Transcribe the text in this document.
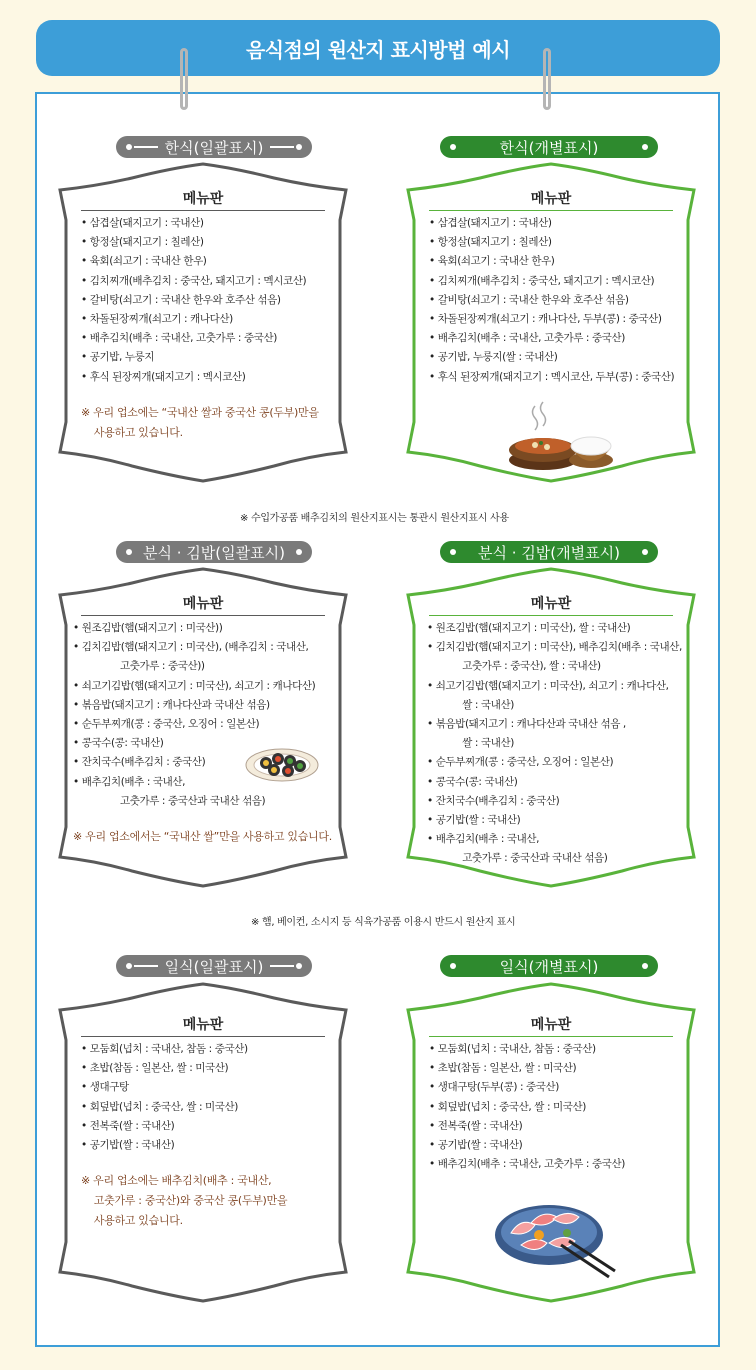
음식점의 원산지 표시방법 예시
한식(일괄표시)	한식(개별표시)
메뉴판
• 삼겹살(돼지고기 : 국내산)
• 항정살(돼지고기 : 칠레산)
• 육회(쇠고기 : 국내산 한우)
• 김치찌개(배추김치 : 중국산, 돼지고기 : 멕시코산)
• 갈비탕(쇠고기 : 국내산 한우와 호주산 섞음)
• 차돌된장찌개(쇠고기 : 캐나다산)
• 배추김치(배추 : 국내산, 고춧가루 : 중국산)
• 공기밥, 누룽지
• 후식 된장찌개(돼지고기 : 멕시코산)
※ 우리 업소에는 “국내산 쌀과 중국산 콩(두부)만을
사용하고 있습니다.
메뉴판
• 삼겹살(돼지고기 : 국내산)
• 항정살(돼지고기 : 칠레산)
• 육회(쇠고기 : 국내산 한우)
• 김치찌개(배추김치 : 중국산, 돼지고기 : 멕시코산)
• 갈비탕(쇠고기 : 국내산 한우와 호주산 섞음)
• 차돌된장찌개(쇠고기 : 캐나다산, 두부(콩) : 중국산)
• 배추김치(배추 : 국내산, 고춧가루 : 중국산)
• 공기밥, 누룽지(쌀 : 국내산)
• 후식 된장찌개(돼지고기 : 멕시코산, 두부(콩) : 중국산)
※ 수입가공품 배추김치의 원산지표시는 통관시 원산지표시 사용
분식 · 김밥(일괄표시)	분식 · 김밥(개별표시)
메뉴판
• 원조김밥(햄(돼지고기 : 미국산))
• 김치김밥(햄(돼지고기 : 미국산), (배추김치 : 국내산,
고춧가루 : 중국산))
• 쇠고기김밥(햄(돼지고기 : 미국산), 쇠고기 : 캐나다산)
• 볶음밥(돼지고기 : 캐나다산과 국내산 섞음)
• 순두부찌개(콩 : 중국산, 오징어 : 일본산)
• 콩국수(콩: 국내산)
• 잔치국수(배추김치 : 중국산)
• 배추김치(배추 : 국내산,
고춧가루 : 중국산과 국내산 섞음)
※ 우리 업소에서는 “국내산 쌀”만을 사용하고 있습니다.
메뉴판
• 원조김밥(햄(돼지고기 : 미국산), 쌀 : 국내산)
• 김치김밥(햄(돼지고기 : 미국산), 배추김치(배추 : 국내산,
고춧가루 : 중국산), 쌀 : 국내산)
• 쇠고기김밥(햄(돼지고기 : 미국산), 쇠고기 : 캐나다산,
쌀 : 국내산)
• 볶음밥(돼지고기 : 캐나다산과 국내산 섞음 ,
쌀 : 국내산)
• 순두부찌개(콩 : 중국산, 오징어 : 일본산)
• 콩국수(콩: 국내산)
• 잔치국수(배추김치 : 중국산)
• 공기밥(쌀 : 국내산)
• 배추김치(배추 : 국내산,
고춧가루 : 중국산과 국내산 섞음)
※ 햄, 베이컨, 소시지 등 식육가공품 이용시 반드시 원산지 표시
일식(일괄표시)	일식(개별표시)
메뉴판
• 모둠회(넙치 : 국내산, 참돔 : 중국산)
• 초밥(참돔 : 일본산, 쌀 : 미국산)
• 생대구탕
• 회덮밥(넙치 : 중국산, 쌀 : 미국산)
• 전복죽(쌀 : 국내산)
• 공기밥(쌀 : 국내산)
※ 우리 업소에는 배추김치(배추 : 국내산,
고춧가루 : 중국산)와 중국산 콩(두부)만을
사용하고 있습니다.
메뉴판
• 모둠회(넙치 : 국내산, 참돔 : 중국산)
• 초밥(참돔 : 일본산, 쌀 : 미국산)
• 생대구탕(두부(콩) : 중국산)
• 회덮밥(넙치 : 중국산, 쌀 : 미국산)
• 전복죽(쌀 : 국내산)
• 공기밥(쌀 : 국내산)
• 배추김치(배추 : 국내산, 고춧가루 : 중국산)
